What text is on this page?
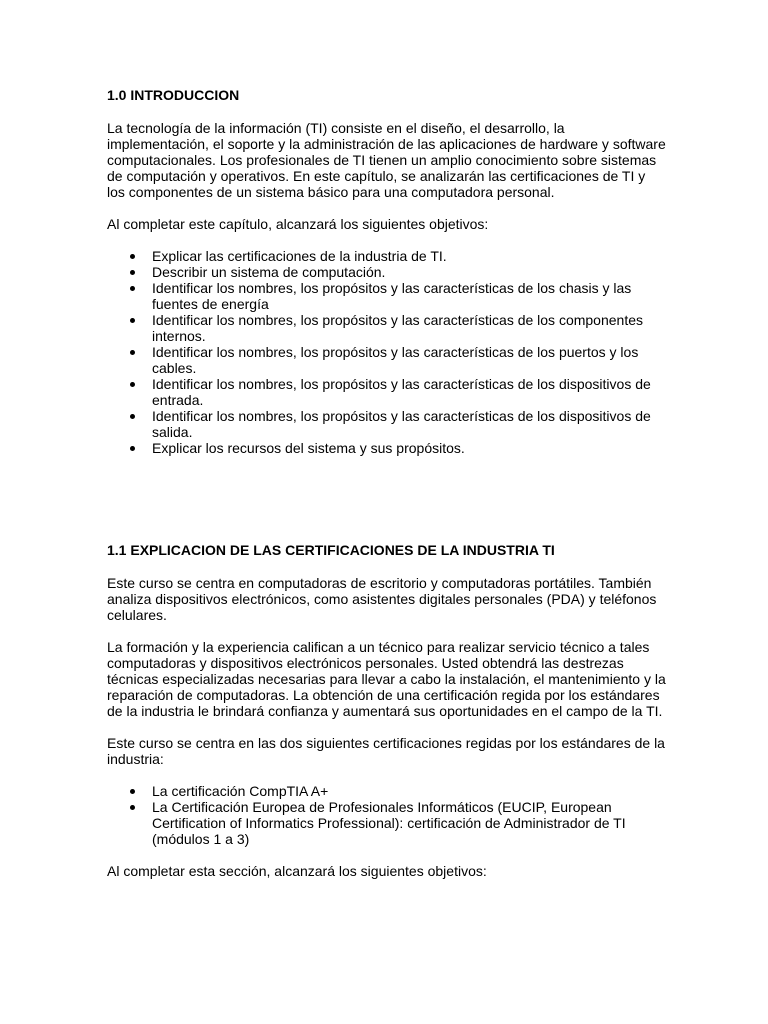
1.0 INTRODUCCION

La tecnología de la información (TI) consiste en el diseño, el desarrollo, la implementación, el soporte y la administración de las aplicaciones de hardware y software computacionales. Los profesionales de TI tienen un amplio conocimiento sobre sistemas de computación y operativos. En este capítulo, se analizarán las certificaciones de TI y los componentes de un sistema básico para una computadora personal.

Al completar este capítulo, alcanzará los siguientes objetivos:

Explicar las certificaciones de la industria de TI.
Describir un sistema de computación.
Identificar los nombres, los propósitos y las características de los chasis y las fuentes de energía
Identificar los nombres, los propósitos y las características de los componentes internos.
Identificar los nombres, los propósitos y las características de los puertos y los cables.
Identificar los nombres, los propósitos y las características de los dispositivos de entrada.
Identificar los nombres, los propósitos y las características de los dispositivos de salida.
Explicar los recursos del sistema y sus propósitos.
1.1 EXPLICACION DE LAS CERTIFICACIONES DE LA INDUSTRIA TI

Este curso se centra en computadoras de escritorio y computadoras portátiles. También analiza dispositivos electrónicos, como asistentes digitales personales (PDA) y teléfonos celulares.

La formación y la experiencia califican a un técnico para realizar servicio técnico a tales computadoras y dispositivos electrónicos personales. Usted obtendrá las destrezas técnicas especializadas necesarias para llevar a cabo la instalación, el mantenimiento y la reparación de computadoras. La obtención de una certificación regida por los estándares de la industria le brindará confianza y aumentará sus oportunidades en el campo de la TI.

Este curso se centra en las dos siguientes certificaciones regidas por los estándares de la industria:

La certificación CompTIA A+
La Certificación Europea de Profesionales Informáticos (EUCIP, European Certification of Informatics Professional): certificación de Administrador de TI (módulos 1 a 3)

Al completar esta sección, alcanzará los siguientes objetivos:
